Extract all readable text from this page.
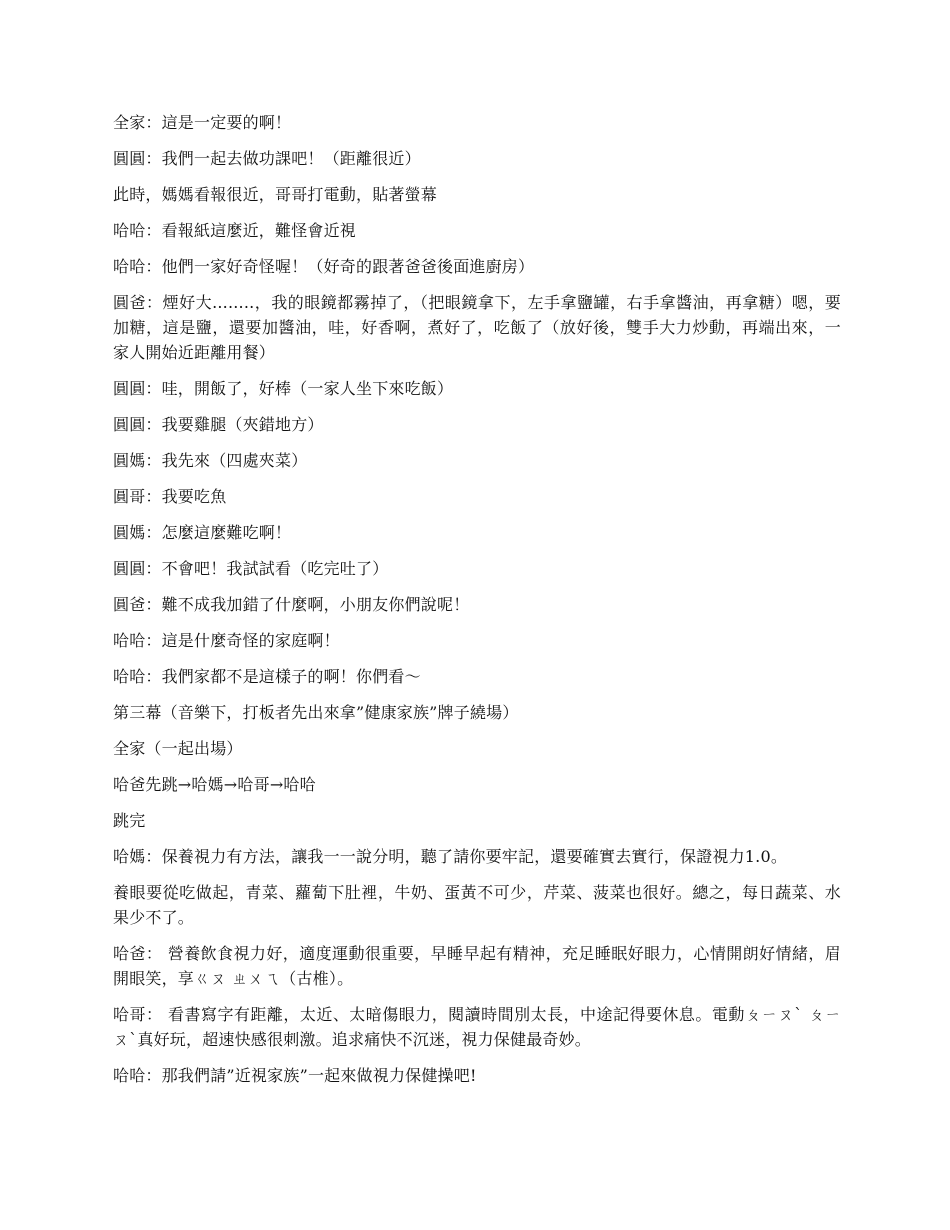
全家：這是一定要的啊！

圓圓：我們一起去做功課吧！（距離很近）

此時，媽媽看報很近，哥哥打電動，貼著螢幕

哈哈：看報紙這麼近，難怪會近視

哈哈：他們一家好奇怪喔！（好奇的跟著爸爸後面進廚房）

圓爸：煙好大........，我的眼鏡都霧掉了，（把眼鏡拿下，左手拿鹽罐，右手拿醬油，再拿糖）嗯，要加糖，這是鹽，還要加醬油，哇，好香啊，煮好了，吃飯了（放好後，雙手大力炒動，再端出來，一家人開始近距離用餐）

圓圓：哇，開飯了，好棒（一家人坐下來吃飯）

圓圓：我要雞腿（夾錯地方）

圓媽：我先來（四處夾菜）

圓哥：我要吃魚

圓媽：怎麼這麼難吃啊！

圓圓：不會吧！我試試看（吃完吐了）

圓爸：難不成我加錯了什麼啊，小朋友你們說呢！

哈哈：這是什麼奇怪的家庭啊！

哈哈：我們家都不是這樣子的啊！你們看～

第三幕（音樂下，打板者先出來拿”健康家族”牌子繞場）

全家（一起出場）

哈爸先跳→哈媽→哈哥→哈哈

跳完

哈媽：保養視力有方法，讓我一一說分明，聽了請你要牢記，還要確實去實行，保證視力1.0。

養眼要從吃做起，青菜、蘿蔔下肚裡，牛奶、蛋黃不可少，芹菜、菠菜也很好。總之，每日蔬菜、水果少不了。

哈爸： 營養飲食視力好，適度運動很重要，早睡早起有精神，充足睡眠好眼力，心情開朗好情緒，眉開眼笑，享ㄍㄡ ㄓㄨㄟ（古椎）。

哈哥： 看書寫字有距離，太近、太暗傷眼力，閱讀時間別太長，中途記得要休息。電動ㄆㄧㄡˋ ㄆㄧㄡˋ真好玩，超速快感很刺激。追求痛快不沉迷，視力保健最奇妙。

哈哈：那我們請”近視家族”一起來做視力保健操吧!
